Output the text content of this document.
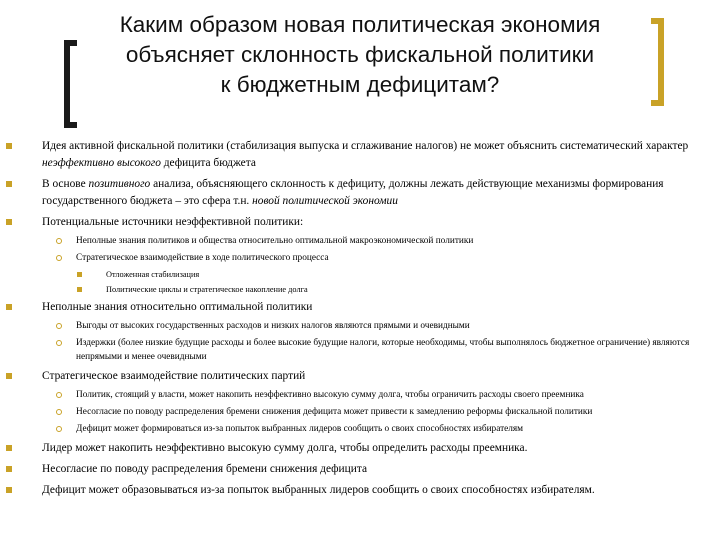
Каким образом новая политическая экономия
объясняет склонность фискальной политики
к бюджетным дефицитам?
Идея активной фискальной политики (стабилизация выпуска и сглаживание налогов) не может объяснить систематический характер неэффективно высокого дефицита бюджета
В основе позитивного анализа, объясняющего склонность к дефициту, должны лежать действующие механизмы формирования государственного бюджета – это сфера т.н. новой политической экономии
Потенциальные источники неэффективной политики:
Неполные знания политиков и общества относительно оптимальной макроэкономической политики
Стратегическое взаимодействие в ходе политического процесса
Отложенная стабилизация
Политические циклы и стратегическое накопление долга
Неполные знания относительно оптимальной политики
Выгоды от высоких государственных расходов и низких налогов являются прямыми и очевидными
Издержки (более низкие будущие расходы и более высокие будущие налоги, которые необходимы, чтобы выполнялось бюджетное ограничение) являются непрямыми и менее очевидными
Стратегическое взаимодействие политических партий
Политик, стоящий у власти, может накопить неэффективно высокую сумму долга, чтобы ограничить расходы своего преемника
Несогласие по поводу распределения бремени снижения дефицита может привести к замедлению реформы фискальной политики
Дефицит может формироваться из-за попыток выбранных лидеров сообщить о своих способностях избирателям
Лидер может накопить неэффективно высокую сумму долга, чтобы определить расходы преемника.
Несогласие по поводу распределения бремени снижения дефицита
Дефицит может образовываться из-за попыток выбранных лидеров сообщить о своих способностях избирателям.
